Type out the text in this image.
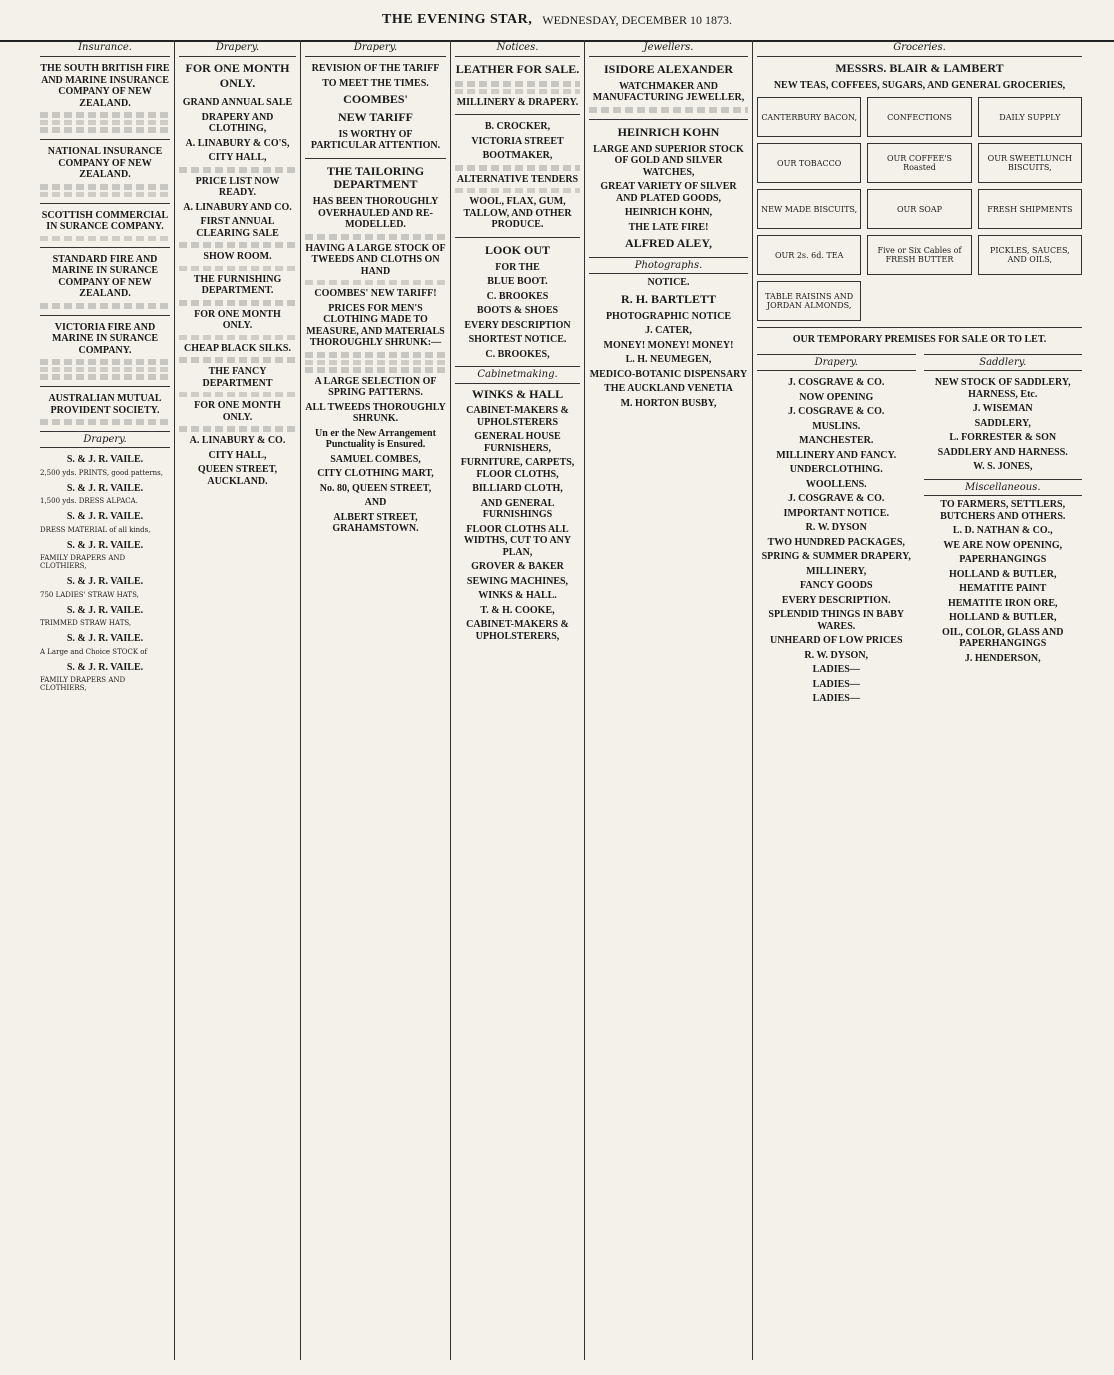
THE EVENING STAR, WEDNESDAY, DECEMBER 10 1873.
Insurance.
THE SOUTH BRITISH FIRE AND MARINE INSURANCE COMPANY OF NEW ZEALAND.
NATIONAL INSURANCE COMPANY OF NEW ZEALAND.
SCOTTISH COMMERCIAL IN SURANCE COMPANY.
STANDARD FIRE AND MARINE IN SURANCE COMPANY OF NEW ZEALAND.
VICTORIA FIRE AND MARINE IN SURANCE COMPANY.
AUSTRALIAN MUTUAL PROVIDENT SOCIETY.
Drapery.
S. & J. R. VAILE.
2,500 yds. PRINTS, good patterns,
S. & J. R. VAILE.
1,500 yds. DRESS ALPACA.
S. & J. R. VAILE.
DRESS MATERIAL of all kinds,
S. & J. R. VAILE.
FAMILY DRAPERS AND CLOTHIERS,
S. & J. R. VAILE.
750 LADIES' STRAW HATS,
S. & J. R. VAILE.
TRIMMED STRAW HATS,
S. & J. R. VAILE.
A Large and Choice STOCK of
S. & J. R. VAILE.
FAMILY DRAPERS AND CLOTHIERS,
Drapery.
FOR ONE MONTH ONLY.
GRAND ANNUAL SALE
DRAPERY AND CLOTHING,
A. LINABURY & CO'S,
CITY HALL,
PRICE LIST NOW READY.
A. LINABURY AND CO.
FIRST ANNUAL CLEARING SALE
SHOW ROOM.
THE FURNISHING DEPARTMENT.
FOR ONE MONTH ONLY.
CHEAP BLACK SILKS.
THE FANCY DEPARTMENT
FOR ONE MONTH ONLY.
A. LINABURY & CO.
CITY HALL,
QUEEN STREET, AUCKLAND.
Drapery.
REVISION OF THE TARIFF
TO MEET THE TIMES.
COOMBES'
NEW TARIFF
IS WORTHY OF PARTICULAR ATTENTION.
THE TAILORING DEPARTMENT
HAS BEEN THOROUGHLY OVERHAULED AND RE-MODELLED.
HAVING A LARGE STOCK OF TWEEDS AND CLOTHS ON HAND
COOMBES' NEW TARIFF!
PRICES FOR MEN'S CLOTHING MADE TO MEASURE, AND MATERIALS THOROUGHLY SHRUNK:—
A LARGE SELECTION OF SPRING PATTERNS.
ALL TWEEDS THOROUGHLY SHRUNK.
Un er the New Arrangement Punctuality is Ensured.
SAMUEL COMBES,
CITY CLOTHING MART,
No. 80, QUEEN STREET,
AND
ALBERT STREET, GRAHAMSTOWN.
Notices.
LEATHER FOR SALE.
MILLINERY & DRAPERY.
B. CROCKER,
VICTORIA STREET
BOOTMAKER,
ALTERNATIVE TENDERS
WOOL, FLAX, GUM, TALLOW, AND OTHER PRODUCE.
LOOK OUT
FOR THE
BLUE BOOT.
C. BROOKES
BOOTS & SHOES
EVERY DESCRIPTION
SHORTEST NOTICE.
C. BROOKES,
Cabinetmaking.
WINKS & HALL
CABINET-MAKERS & UPHOLSTERERS
GENERAL HOUSE FURNISHERS,
FURNITURE, CARPETS, FLOOR CLOTHS,
BILLIARD CLOTH,
AND GENERAL FURNISHINGS
FLOOR CLOTHS ALL WIDTHS, CUT TO ANY PLAN,
GROVER & BAKER
SEWING MACHINES,
WINKS & HALL.
T. & H. COOKE,
CABINET-MAKERS & UPHOLSTERERS,
Jewellers.
ISIDORE ALEXANDER
WATCHMAKER AND MANUFACTURING JEWELLER,
HEINRICH KOHN
LARGE AND SUPERIOR STOCK OF GOLD AND SILVER WATCHES,
GREAT VARIETY OF SILVER AND PLATED GOODS,
HEINRICH KOHN,
THE LATE FIRE!
ALFRED ALEY,
Photographs.
NOTICE.
R. H. BARTLETT
PHOTOGRAPHIC NOTICE
J. CATER,
MONEY! MONEY! MONEY!
L. H. NEUMEGEN,
MEDICO-BOTANIC DISPENSARY
THE AUCKLAND VENETIA
M. HORTON BUSBY,
Groceries.
MESSRS. BLAIR & LAMBERT
NEW TEAS, COFFEES, SUGARS, AND GENERAL GROCERIES,
CANTERBURY BACON,	CONFECTIONS	DAILY SUPPLY
OUR TOBACCO	OUR COFFEE'S Roasted
OUR SWEETLUNCH BISCUITS,
NEW MADE BISCUITS,	OUR SOAP	FRESH SHIPMENTS
OUR 2s. 6d. TEA	Five or Six Cables of FRESH BUTTER
PICKLES, SAUCES, AND OILS,
TABLE RAISINS AND JORDAN ALMONDS,
OUR TEMPORARY PREMISES FOR SALE OR TO LET.
Drapery.
J. COSGRAVE & CO.
NOW OPENING
J. COSGRAVE & CO.
MUSLINS.
MANCHESTER.
MILLINERY AND FANCY.
UNDERCLOTHING.
WOOLLENS.
J. COSGRAVE & CO.
IMPORTANT NOTICE.
R. W. DYSON
TWO HUNDRED PACKAGES,
SPRING & SUMMER DRAPERY,
MILLINERY,
FANCY GOODS
EVERY DESCRIPTION.
SPLENDID THINGS IN BABY WARES.
UNHEARD OF LOW PRICES
R. W. DYSON,
LADIES—
LADIES—
LADIES—
Saddlery.
NEW STOCK OF SADDLERY, HARNESS, Etc.
J. WISEMAN
SADDLERY,
L. FORRESTER & SON
SADDLERY AND HARNESS.
W. S. JONES,
Miscellaneous.
TO FARMERS, SETTLERS, BUTCHERS AND OTHERS.
L. D. NATHAN & CO.,
WE ARE NOW OPENING,
PAPERHANGINGS
HOLLAND & BUTLER,
HEMATITE PAINT
HEMATITE IRON ORE,
HOLLAND & BUTLER,
OIL, COLOR, GLASS AND PAPERHANGINGS
J. HENDERSON,
